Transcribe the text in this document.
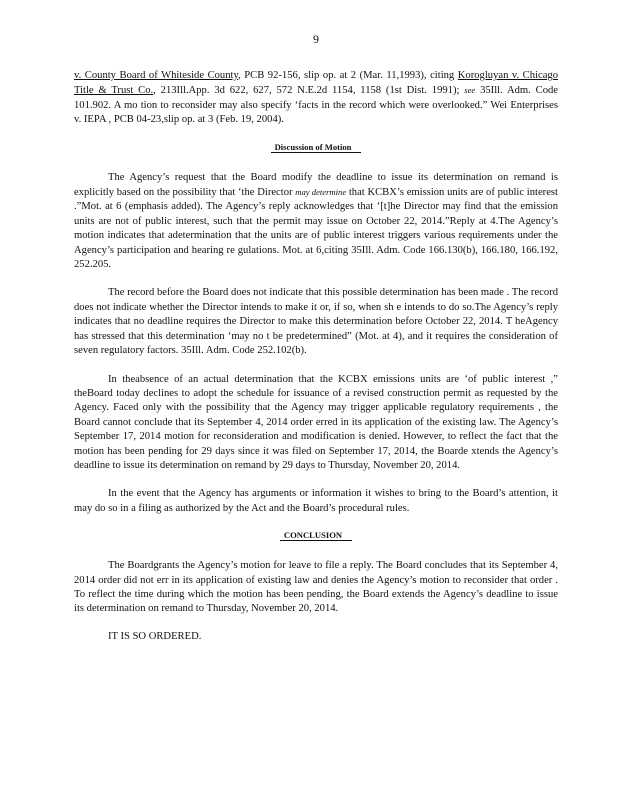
9

v. County Board of Whiteside County, PCB 92-156, slip op. at 2 (Mar. 11,1993), citing Korogluyan v. Chicago Title & Trust Co., 213Ill.App. 3d 622, 627, 572 N.E.2d 1154, 1158 (1st Dist. 1991); see 35Ill. Adm. Code 101.902. A mo tion to reconsider may also specify ‘facts in the record which were overlooked.” Wei Enterprises v. IEPA , PCB 04-23,slip op. at 3 (Feb. 19, 2004).

Discussion of Motion

The Agency’s request that the Board modify the deadline to issue its determination on remand is explicitly based on the possibility that ‘the Director may determine that KCBX’s emission units are of public interest .”Mot. at 6 (emphasis added). The Agency’s reply acknowledges that ‘[t]he Director may find that the emission units are not of public interest, such that the permit may issue on October 22, 2014.”Reply at 4.The Agency’s motion indicates that adetermination that the units are of public interest triggers various requirements under the Agency’s participation and hearing re gulations. Mot. at 6,citing 35Ill. Adm. Code 166.130(b), 166.180, 166.192, 252.205.

The record before the Board does not indicate that this possible determination has been made . The record does not indicate whether the Director intends to make it or, if so, when sh e intends to do so.The Agency’s reply indicates that no deadline requires the Director to make this determination before October 22, 2014. T heAgency has stressed that this determination ‘may no t be predetermined” (Mot. at 4), and it requires the consideration of seven regulatory factors. 35Ill. Adm. Code 252.102(b).

In theabsence of an actual determination that the KCBX emissions units are ‘of public interest ,” theBoard today declines to adopt the schedule for issuance of a revised construction permit as requested by the Agency. Faced only with the possibility that the Agency may trigger applicable regulatory requirements , the Board cannot conclude that its September 4, 2014 order erred in its application of the existing law. The Agency’s September 17, 2014 motion for reconsideration and modification is denied. However, to reflect the fact that the motion has been pending for 29 days since it was filed on September 17, 2014, the Boarde xtends the Agency’s deadline to issue its determination on remand by 29 days to Thursday, November 20, 2014.

In the event that the Agency has arguments or information it wishes to bring to the Board’s attention, it may do so in a filing as authorized by the Act and the Board’s procedural rules.

CONCLUSION

The Boardgrants the Agency’s motion for leave to file a reply. The Board concludes that its September 4, 2014 order did not err in its application of existing law and denies the Agency’s motion to reconsider that order . To reflect the time during which the motion has been pending, the Board extends the Agency’s deadline to issue its determination on remand to Thursday, November 20, 2014.

IT IS SO ORDERED.
